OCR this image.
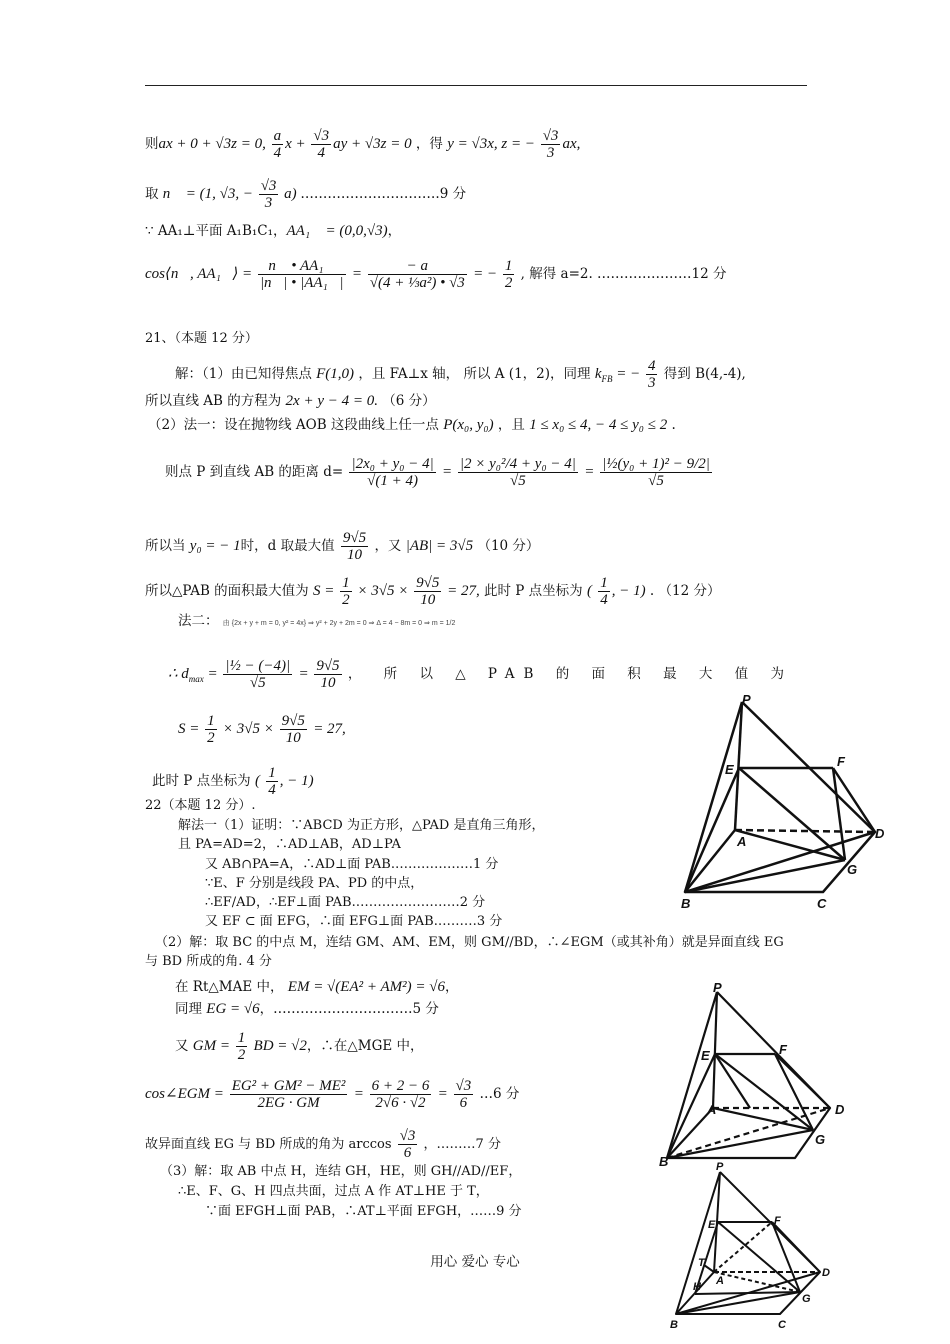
则ax + 0 + √3z = 0, $\frac{a}{4}$ $x + \frac{√3}{4}$ ay + √3z = 0 ，得 y = √3x, z = − $\frac{√3}{3}$ ax,
取 n⃗ = (1, √3, − $\frac{√3}{3} a$) ………………………….9 分
∵ AA₁⊥平面 A₁B₁C₁，AA₁⃗ = (0,0,√3)，
cos⟨n⃗, AA₁⃗⟩ = $\frac{\text{n⃗ • AA₁⃗}}{\text{|n⃗| • |AA₁⃗|}} = \frac{- a}{\text{√(4 + ⅓a²) • √3}}$ = − $\frac{1}{2}$ , 解得 a=2. …………………12 分
21、（本题 12 分）
解：（1）由已知得焦点 F(1,0) ，且 FA⊥x 轴， 所以 A (1，2)，同理 $k_{FB}$ = − $\frac{4}{3}$ 得到 B(4,-4),
所以直线 AB 的方程为 2x + y − 4 = 0. （6 分）
（2）法一：设在抛物线 AOB 这段曲线上任一点 P(x₀, y₀) ，且 1 ≤ x₀ ≤ 4, − 4 ≤ y₀ ≤ 2 .
则点 P 到直线 AB 的距离 $d= \frac{\text{|2x₀ + y₀ − 4|}}{√(1 + 4)} = \frac{\text{|2 × y₀²/4 + y₀ − 4|}}{√5} = \frac{\text{|½(y₀ + 1)² − 9/2|}}{√5}$
所以当 y₀ = − 1时，d 取最大值 $\frac{9√5}{10}$ ，又 |AB| = 3√5 （10 分）
所以△PAB 的面积最大值为 $S = \frac{1}{2} \times 3√5 \times \frac{9√5}{10} = 27$, 此时 P 点坐标为 ( $\frac{1}{4}$ , − 1) . （12 分）
法二： 由 {2x + y + m = 0, y² = 4x} ⇒ y² + 2y + 2m = 0 ⇒ Δ = 4 − 8m = 0 ⇒ m = 1/2
∴ $d_{max} = \frac{\text{|½ − (−4)|}}{√5} = \frac{9√5}{10}$ ， 所 以 △ PAB 的 面 积 最 大 值 为
$S = \frac{1}{2} \times 3√5 \times \frac{9√5}{10} = 27$,
此时 P 点坐标为 ( $\frac{1}{4}$ , − 1)
22（本题 12 分）.
解法一（1）证明：∵ABCD 为正方形，△PAD 是直角三角形，
且 PA=AD=2，∴AD⊥AB，AD⊥PA
又 AB∩PA=A，∴AD⊥面 PAB.………………1 分
∵E、F 分别是线段 PA、PD 的中点，
∴EF/AD，∴EF⊥面 PAB.……………………2 分
又 EF ⊂ 面 EFG，∴面 EFG⊥面 PAB.………3 分
（2）解：取 BC 的中点 M，连结 GM、AM、EM，则 GM//BD，∴∠EGM（或其补角）就是异面直线 EG
与 BD 所成的角. 4 分
在 Rt△MAE 中， EM = √(EA² + AM²) = √6，
同理 EG = √6，………………………….5 分
又 GM = $\frac{1}{2}$ BD = √2，∴在△MGE 中，
cos∠EGM = $\frac{\text{EG² + GM² − ME²}}{2EG \cdot GM} = \frac{6 + 2 - 6}{2√6 \cdot √2} = \frac{√3}{6}$ …6 分
故异面直线 EG 与 BD 所成的角为 $\arccos \frac{√3}{6}$ ，………7 分
（3）解：取 AB 中点 H，连结 GH，HE，则 GH//AD//EF，
∴E、F、G、H 四点共面，过点 A 作 AT⊥HE 于 T，
∵面 EFGH⊥面 PAB，∴AT⊥平面 EFGH，……9 分
P
E
F
A
D
G
B	C
P
E	F
A	D
G
B	P
E	F
T
H A
D
G
B	C
用心 爱心 专心
